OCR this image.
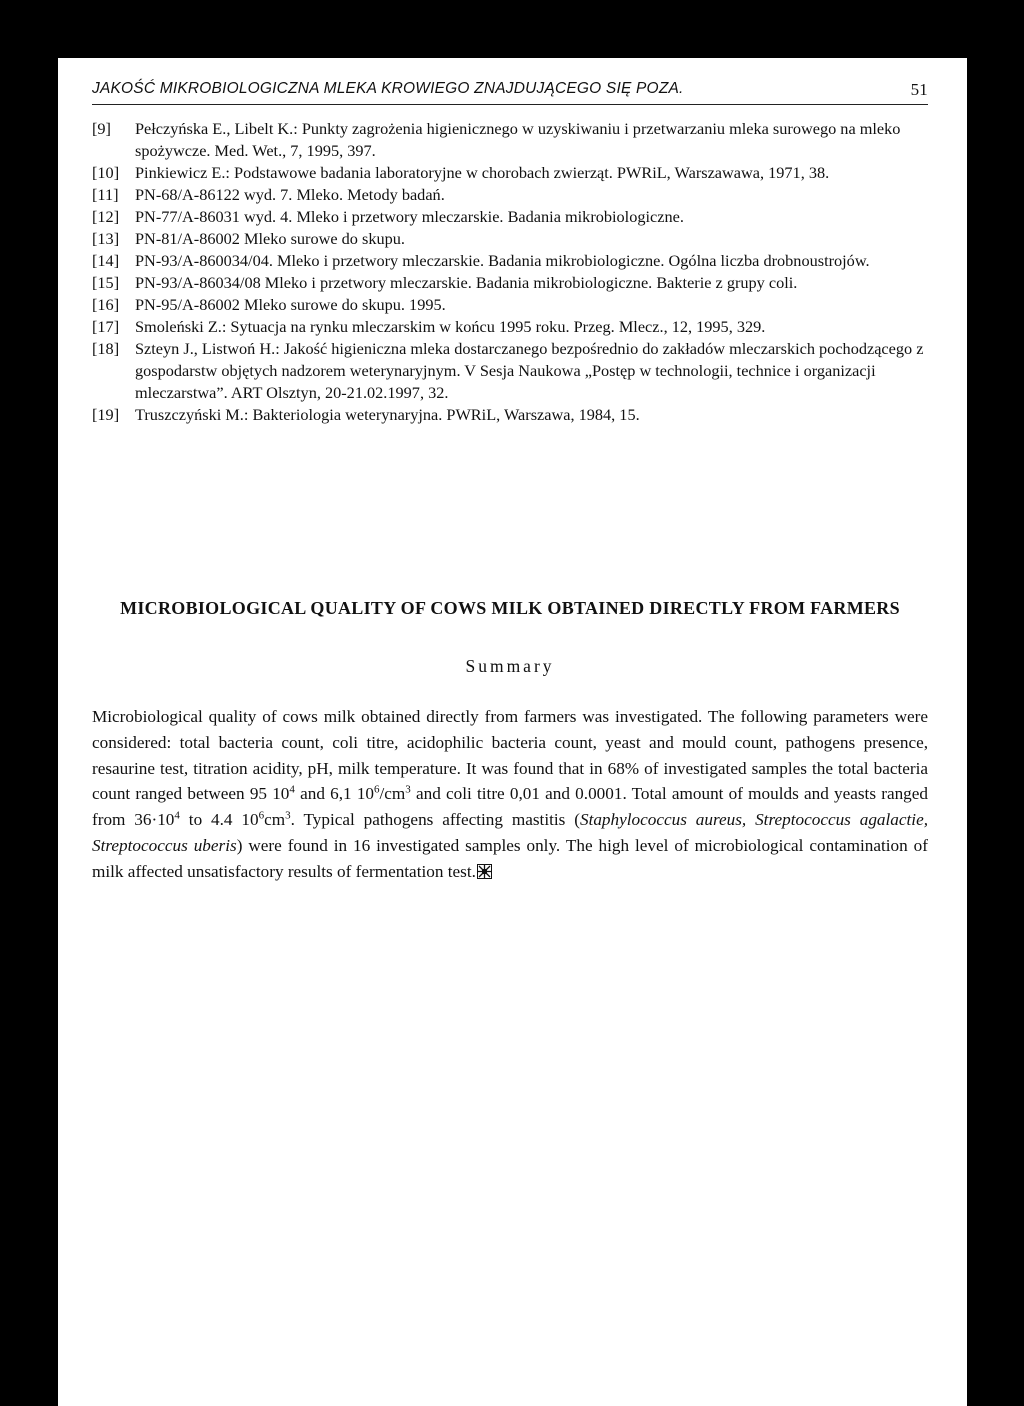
JAKOŚĆ MIKROBIOLOGICZNA MLEKA KROWIEGO ZNAJDUJĄCEGO SIĘ POZA.	51
[9] Pełczyńska E., Libelt K.: Punkty zagrożenia higienicznego w uzyskiwaniu i przetwarzaniu mleka surowego na mleko spożywcze. Med. Wet., 7, 1995, 397.
[10] Pinkiewicz E.: Podstawowe badania laboratoryjne w chorobach zwierząt. PWRiL, Warszawawa, 1971, 38.
[11] PN-68/A-86122 wyd. 7. Mleko. Metody badań.
[12] PN-77/A-86031 wyd. 4. Mleko i przetwory mleczarskie. Badania mikrobiologiczne.
[13] PN-81/A-86002 Mleko surowe do skupu.
[14] PN-93/A-860034/04. Mleko i przetwory mleczarskie. Badania mikrobiologiczne. Ogólna liczba drobnoustrojów.
[15] PN-93/A-86034/08 Mleko i przetwory mleczarskie. Badania mikrobiologiczne. Bakterie z grupy coli.
[16] PN-95/A-86002 Mleko surowe do skupu. 1995.
[17] Smoleński Z.: Sytuacja na rynku mleczarskim w końcu 1995 roku. Przeg. Mlecz., 12, 1995, 329.
[18] Szteyn J., Listwoń H.: Jakość higieniczna mleka dostarczanego bezpośrednio do zakładów mleczarskich pochodzącego z gospodarstw objętych nadzorem weterynaryjnym. V Sesja Naukowa „Postęp w technologii, technice i organizacji mleczarstwa”. ART Olsztyn, 20-21.02.1997, 32.
[19] Truszczyński M.: Bakteriologia weterynaryjna. PWRiL, Warszawa, 1984, 15.
MICROBIOLOGICAL QUALITY OF COWS MILK OBTAINED DIRECTLY FROM FARMERS
Summary
Microbiological quality of cows milk obtained directly from farmers was investigated. The following parameters were considered: total bacteria count, coli titre, acidophilic bacteria count, yeast and mould count, pathogens presence, resaurine test, titration acidity, pH, milk temperature. It was found that in 68% of investigated samples the total bacteria count ranged between 95 $10^4$ and 6,1 $10^6/cm^3$ and coli titre 0,01 and 0.0001. Total amount of moulds and yeasts ranged from $36\cdot 10^4$ to 4.4 $10^6cm^3$. Typical pathogens affecting mastitis (Staphylococcus aureus, Streptococcus agalactie, Streptococcus uberis) were found in 16 investigated samples only. The high level of microbiological contamination of milk affected unsatisfactory results of fermentation test.
